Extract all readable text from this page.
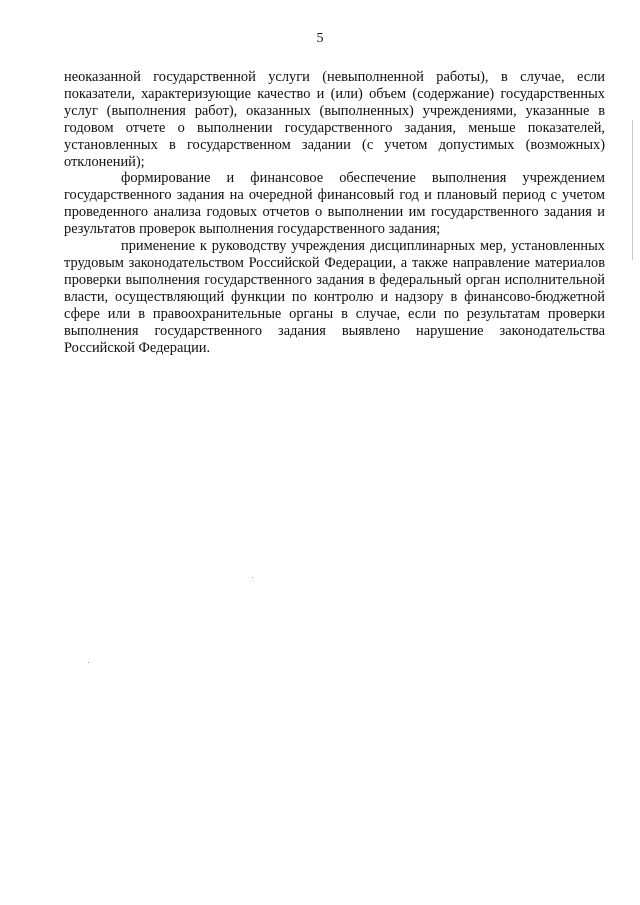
5

неоказанной государственной услуги (невыполненной работы), в случае, если показатели, характеризующие качество и (или) объем (содержание) государственных услуг (выполнения работ), оказанных (выполненных) учреждениями, указанные в годовом отчете о выполнении государственного задания, меньше показателей, установленных в государственном задании (с учетом допустимых (возможных) отклонений);

формирование и финансовое обеспечение выполнения учреждением государственного задания на очередной финансовый год и плановый период с учетом проведенного анализа годовых отчетов о выполнении им государственного задания и результатов проверок выполнения государственного задания;

применение к руководству учреждения дисциплинарных мер, установленных трудовым законодательством Российской Федерации, а также направление материалов проверки выполнения государственного задания в федеральный орган исполнительной власти, осуществляющий функции по контролю и надзору в финансово-бюджетной сфере или в правоохранительные органы в случае, если по результатам проверки выполнения государственного задания выявлено нарушение законодательства Российской Федерации.
